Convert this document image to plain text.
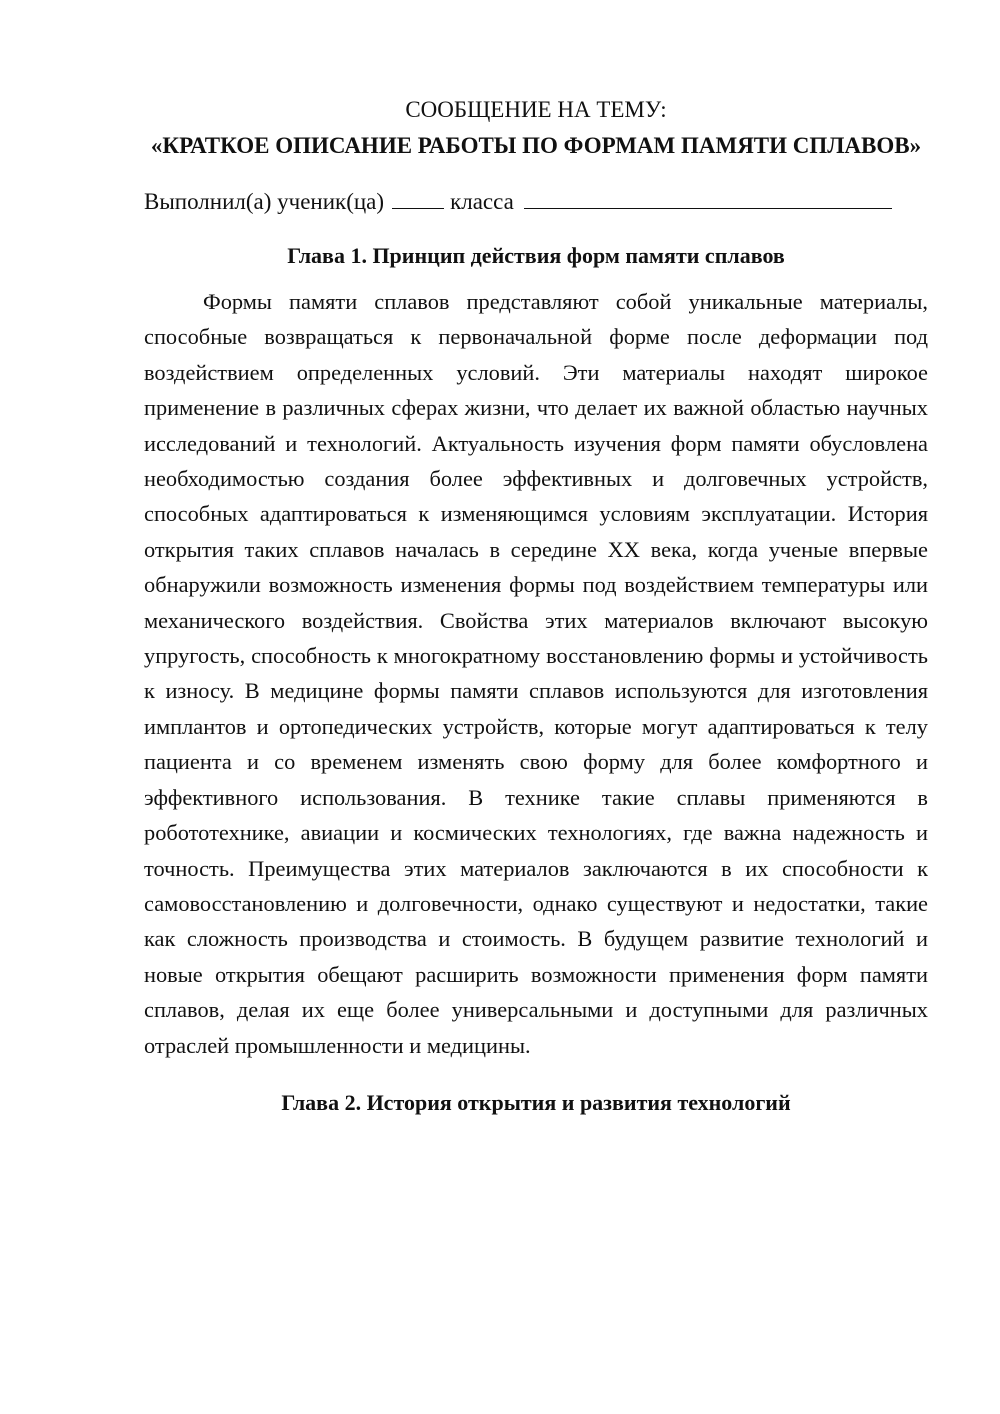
СООБЩЕНИЕ НА ТЕМУ:

«КРАТКОЕ ОПИСАНИЕ РАБОТЫ ПО ФОРМАМ ПАМЯТИ СПЛАВОВ»

Выполнил(а) ученик(ца)	класса
Глава 1. Принцип действия форм памяти сплавов

Формы памяти сплавов представляют собой уникальные материалы, способные возвращаться к первоначальной форме после деформации под воздействием определенных условий. Эти материалы находят широкое применение в различных сферах жизни, что делает их важной областью научных исследований и технологий. Актуальность изучения форм памяти обусловлена необходимостью создания более эффективных и долговечных устройств, способных адаптироваться к изменяющимся условиям эксплуатации. История открытия таких сплавов началась в середине XX века, когда ученые впервые обнаружили возможность изменения формы под воздействием температуры или механического воздействия. Свойства этих материалов включают высокую упругость, способность к многократному восстановлению формы и устойчивость к износу. В медицине формы памяти сплавов используются для изготовления имплантов и ортопедических устройств, которые могут адаптироваться к телу пациента и со временем изменять свою форму для более комфортного и эффективного использования. В технике такие сплавы применяются в робототехнике, авиации и космических технологиях, где важна надежность и точность. Преимущества этих материалов заключаются в их способности к самовосстановлению и долговечности, однако существуют и недостатки, такие как сложность производства и стоимость. В будущем развитие технологий и новые открытия обещают расширить возможности применения форм памяти сплавов, делая их еще более универсальными и доступными для различных отраслей промышленности и медицины.

Глава 2. История открытия и развития технологий
